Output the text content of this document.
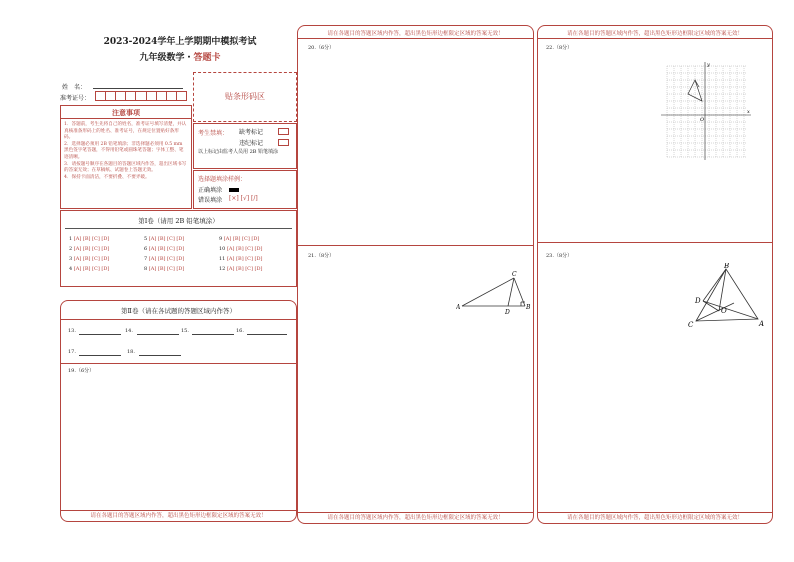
2023-2024学年上学期期中模拟考试
九年级数学・答题卡
姓　名：
准考证号：	贴条形码区
注意事项
1．答题前，考生先将自己的姓名，准考证号填写清楚，并认真核准条形码上的姓名、准考证号，在规定位置贴好条形码。
2．选择题必须用 2B 铅笔填涂；非选择题必须用 0.5 mm 黑色签字笔答题，不得用铅笔或圆珠笔答题；字体工整、笔迹清晰。
3．请按题号顺序在各题目的答题区域内作答，超出区域书写的答案无效；在草稿纸、试题卷上答题无效。
4．保持卡面清洁，不要折叠、不要弄破。
考生禁填： 缺考标记
违纪标记
以上标记由监考人员用 2B 铅笔填涂
选择题填涂样例：
正确填涂
错误填涂 [×] [√] [/]
第Ⅰ卷（请用 2B 铅笔填涂）
1 [A] [B] [C] [D]
2 [A] [B] [C] [D]
3 [A] [B] [C] [D]
4 [A] [B] [C] [D]
5 [A] [B] [C] [D]
6 [A] [B] [C] [D]
7 [A] [B] [C] [D]
8 [A] [B] [C] [D]
9 [A] [B] [C] [D]
10 [A] [B] [C] [D]
11 [A] [B] [C] [D]
12 [A] [B] [C] [D]
第Ⅱ卷（请在各试题的答题区域内作答）
13.	14.	15.	16.
17.	18.
19.（6分）
请在各题目的答题区域内作答，超出黑色矩形边框限定区域的答案无效！
请在各题目的答题区域内作答，超出黑色矩形边框限定区域的答案无效！
20.（6分）
21.（8分）
A	B
C
D
请在各题目的答题区域内作答，超出黑色矩形边框限定区域的答案无效！
请在各题目的答题区域内作答，超出黑色矩形边框限定区域的答案无效！
22.（8分）
y
x
O
23.（8分）
A
B
C
D
O
请在各题目的答题区域内作答，超出黑色矩形边框限定区域的答案无效！
